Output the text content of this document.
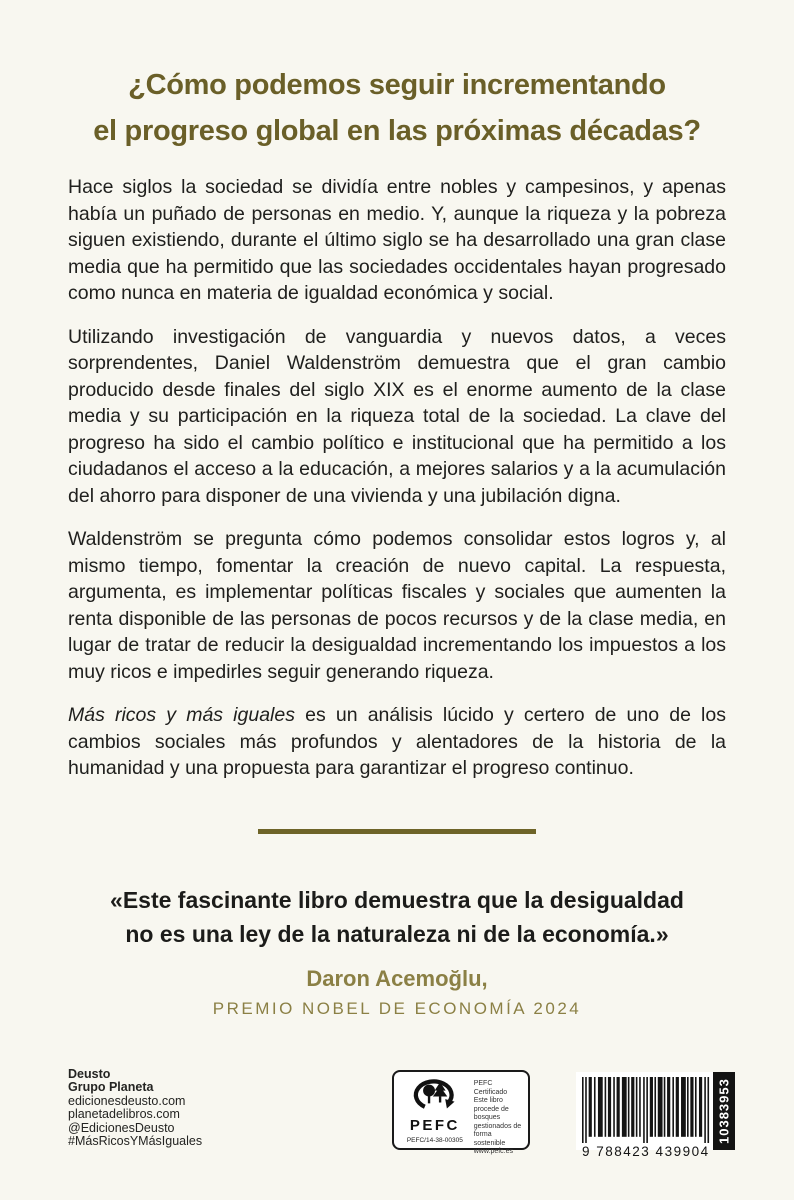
¿Cómo podemos seguir incrementando
el progreso global en las próximas décadas?

Hace siglos la sociedad se dividía entre nobles y campesinos, y apenas había un puñado de personas en medio. Y, aunque la riqueza y la pobreza siguen existiendo, durante el último siglo se ha desarrollado una gran clase media que ha permitido que las sociedades occidentales hayan progresado como nunca en materia de igualdad económica y social.

Utilizando investigación de vanguardia y nuevos datos, a veces sorprendentes, Daniel Waldenström demuestra que el gran cambio producido desde finales del siglo XIX es el enorme aumento de la clase media y su participación en la riqueza total de la sociedad. La clave del progreso ha sido el cambio político e institucional que ha permitido a los ciudadanos el acceso a la educación, a mejores salarios y a la acumulación del ahorro para disponer de una vivienda y una jubilación digna.

Waldenström se pregunta cómo podemos consolidar estos logros y, al mismo tiempo, fomentar la creación de nuevo capital. La respuesta, argumenta, es implementar políticas fiscales y sociales que aumenten la renta disponible de las personas de pocos recursos y de la clase media, en lugar de tratar de reducir la desigualdad incrementando los impuestos a los muy ricos e impedirles seguir generando riqueza.

Más ricos y más iguales es un análisis lúcido y certero de uno de los cambios sociales más profundos y alentadores de la historia de la humanidad y una propuesta para garantizar el progreso continuo.

«Este fascinante libro demuestra que la desigualdad
no es una ley de la naturaleza ni de la economía.»
Daron Acemoğlu,
PREMIO NOBEL DE ECONOMÍA 2024
Deusto
Grupo Planeta
edicionesdeusto.com
planetadelibros.com
@EdicionesDeusto
#MásRicosYMásIguales
PEFC
PEFC/14-38-00305
PEFC Certificado
Este libro procede de bosques gestionados de forma sostenible
www.pefc.es	9 788423 439904
10383953
